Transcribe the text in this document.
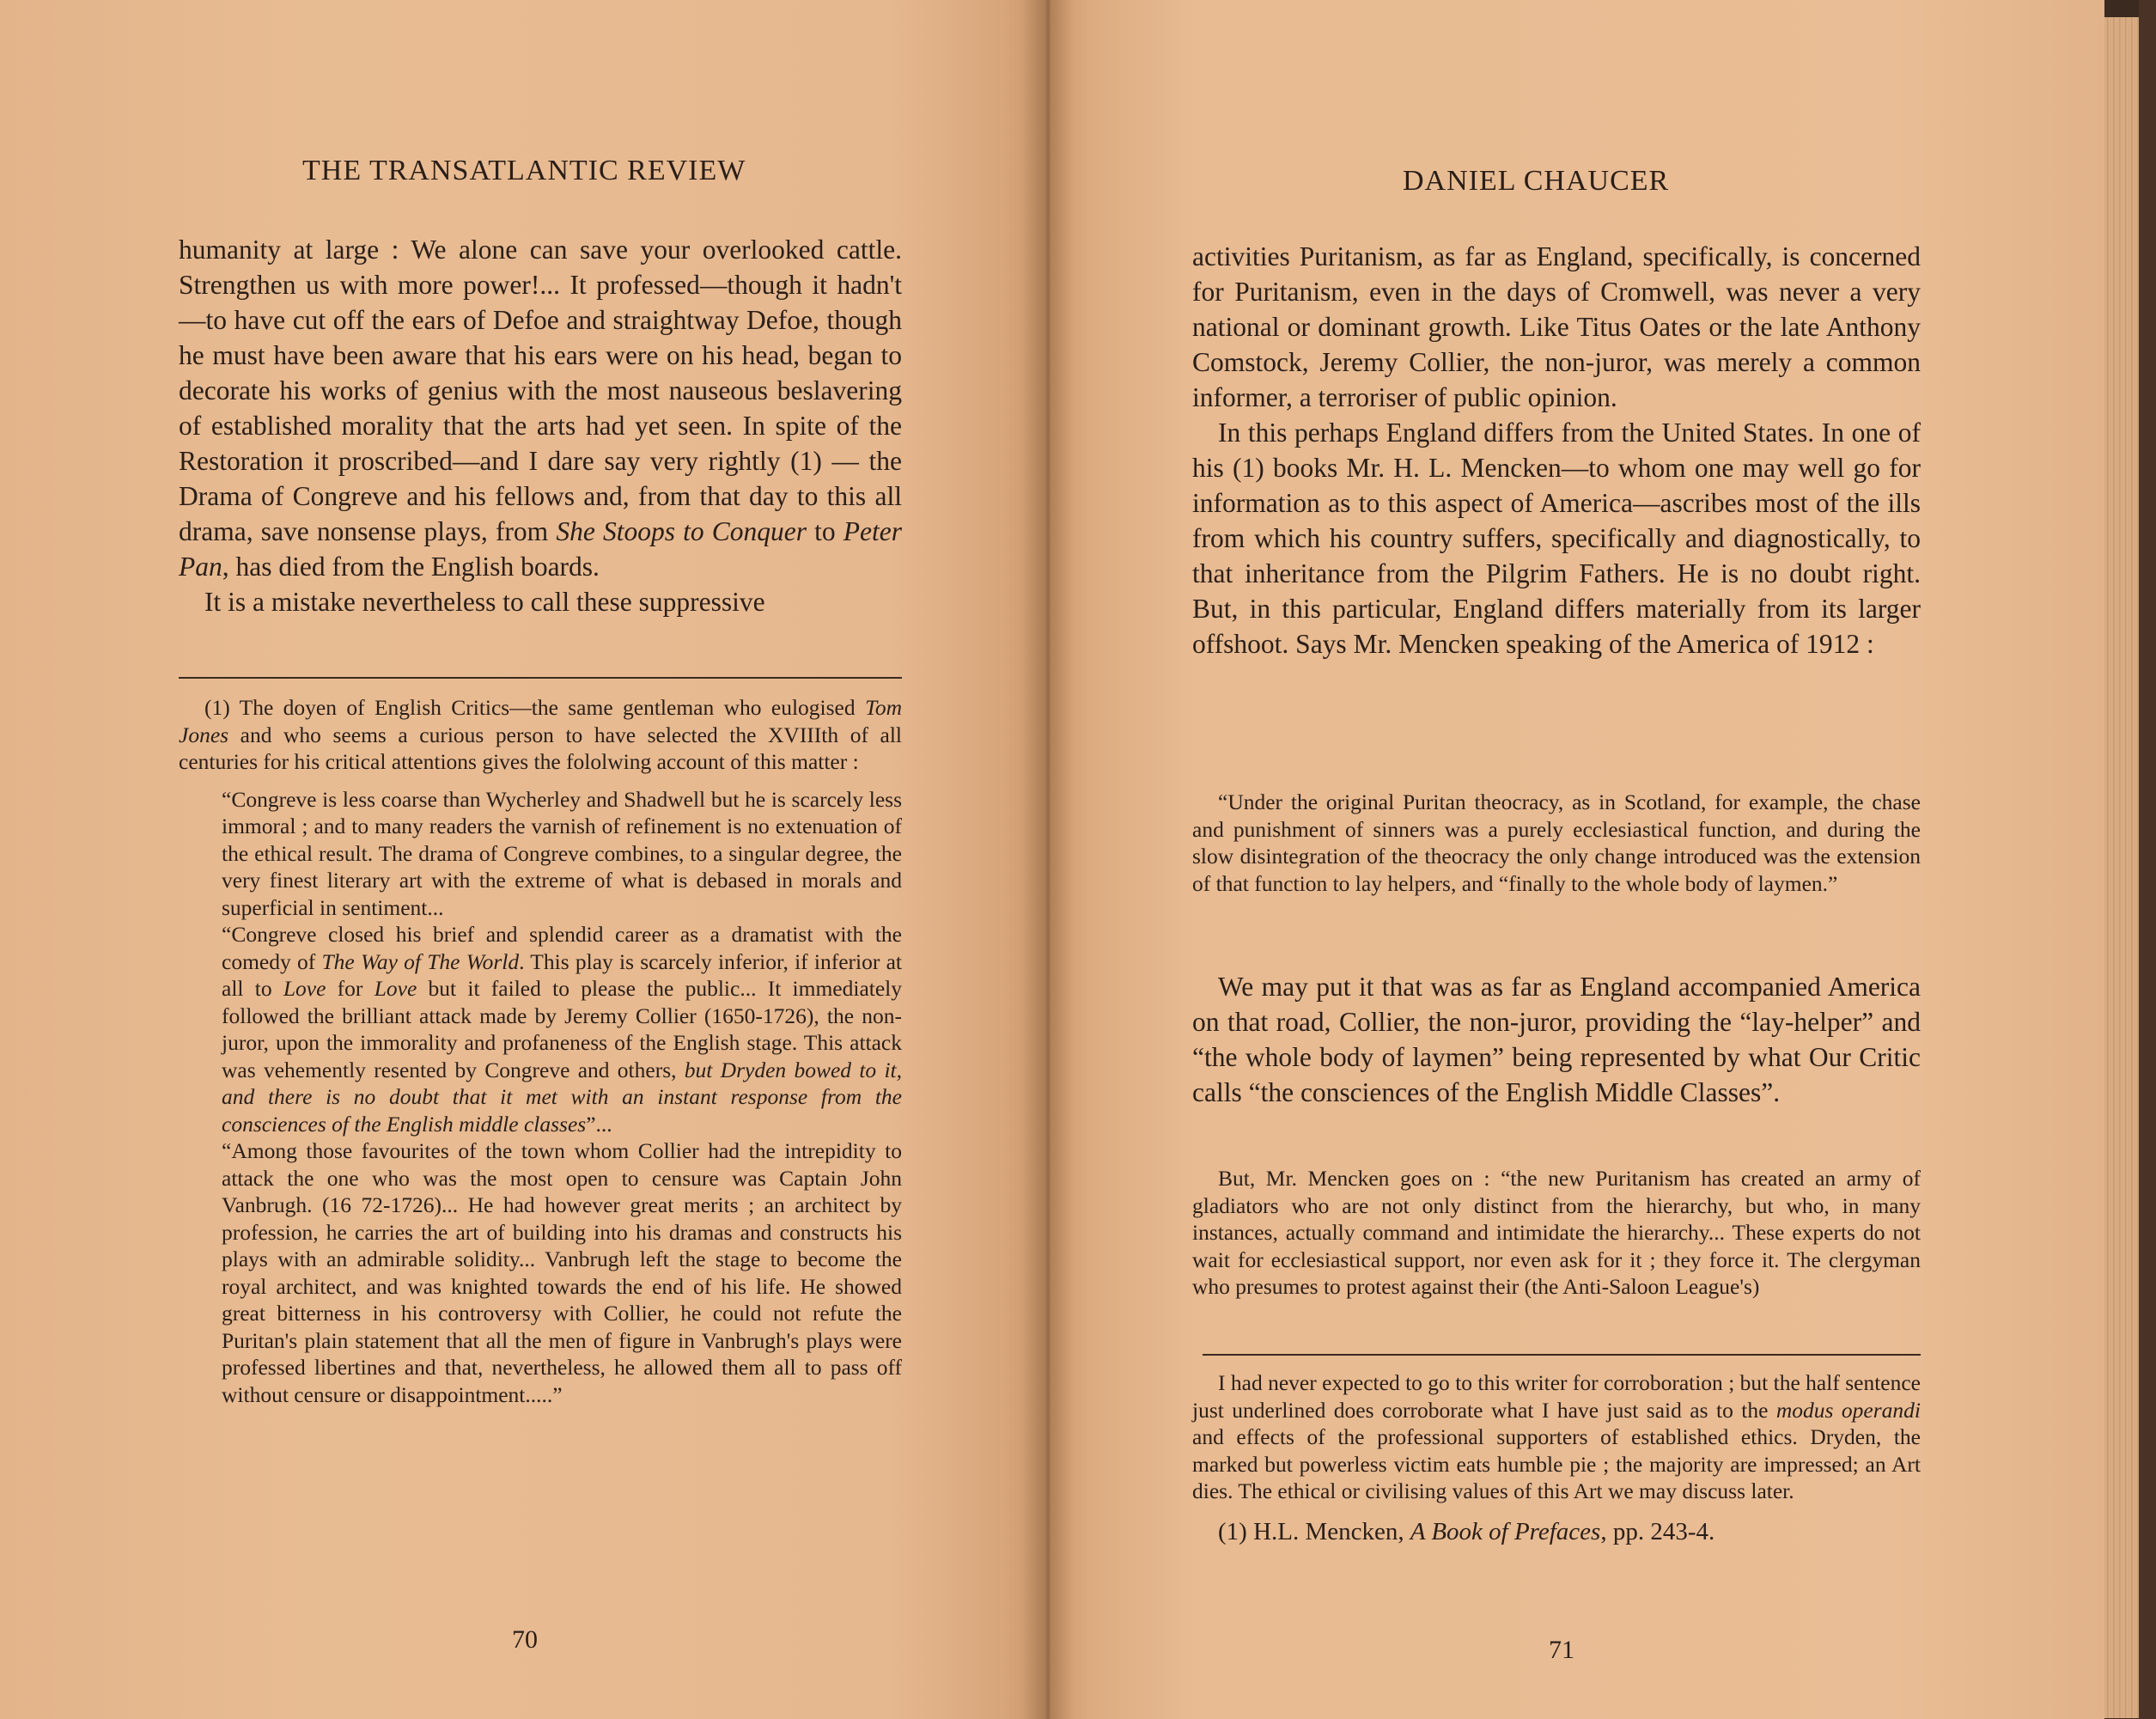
THE TRANSATLANTIC REVIEW

humanity at large : We alone can save your overlooked cattle. Strengthen us with more power!... It professed—though it hadn't—to have cut off the ears of Defoe and straightway Defoe, though he must have been aware that his ears were on his head, began to decorate his works of genius with the most nauseous beslavering of established morality that the arts had yet seen. In spite of the Restoration it proscribed—and I dare say very rightly (1) — the Drama of Congreve and his fellows and, from that day to this all drama, save nonsense plays, from She Stoops to Conquer to Peter Pan, has died from the English boards.

It is a mistake nevertheless to call these suppressive

(1) The doyen of English Critics—the same gentleman who eulogised Tom Jones and who seems a curious person to have selected the XVIIIth of all centuries for his critical attentions gives the fololwing account of this matter :

“Congreve is less coarse than Wycherley and Shadwell but he is scarcely less immoral ; and to many readers the varnish of refinement is no extenuation of the ethical result. The drama of Congreve combines, to a singular degree, the very finest literary art with the extreme of what is debased in morals and superficial in sentiment...

“Congreve closed his brief and splendid career as a dramatist with the comedy of The Way of The World. This play is scarcely inferior, if inferior at all to Love for Love but it failed to please the public... It immediately followed the brilliant attack made by Jeremy Collier (1650-1726), the non-juror, upon the immorality and profaneness of the English stage. This attack was vehemently resented by Congreve and others, but Dryden bowed to it, and there is no doubt that it met with an instant response from the consciences of the English middle classes”...

“Among those favourites of the town whom Collier had the intrepidity to attack the one who was the most open to censure was Captain John Vanbrugh. (16 72-1726)... He had however great merits ; an architect by profession, he carries the art of building into his dramas and constructs his plays with an admirable solidity... Vanbrugh left the stage to become the royal architect, and was knighted towards the end of his life. He showed great bitterness in his controversy with Collier, he could not refute the Puritan's plain statement that all the men of figure in Vanbrugh's plays were professed libertines and that, nevertheless, he allowed them all to pass off without censure or disappointment.....”

70
DANIEL CHAUCER

activities Puritanism, as far as England, specifically, is concerned for Puritanism, even in the days of Cromwell, was never a very national or dominant growth. Like Titus Oates or the late Anthony Comstock, Jeremy Collier, the non-juror, was merely a common informer, a terroriser of public opinion.

In this perhaps England differs from the United States. In one of his (1) books Mr. H. L. Mencken—to whom one may well go for information as to this aspect of America—ascribes most of the ills from which his country suffers, specifically and diagnostically, to that inheritance from the Pilgrim Fathers. He is no doubt right. But, in this particular, England differs materially from its larger offshoot. Says Mr. Mencken speaking of the America of 1912 :

“Under the original Puritan theocracy, as in Scotland, for example, the chase and punishment of sinners was a purely ecclesiastical function, and during the slow disintegration of the theocracy the only change introduced was the extension of that function to lay helpers, and “finally to the whole body of laymen.”

We may put it that was as far as England accompanied America on that road, Collier, the non-juror, providing the “lay-helper” and “the whole body of laymen” being represented by what Our Critic calls “the consciences of the English Middle Classes”.

But, Mr. Mencken goes on : “the new Puritanism has created an army of gladiators who are not only distinct from the hierarchy, but who, in many instances, actually command and intimidate the hierarchy... These experts do not wait for ecclesiastical support, nor even ask for it ; they force it. The clergyman who presumes to protest against their (the Anti-Saloon League's)

I had never expected to go to this writer for corroboration ; but the half sentence just underlined does corroborate what I have just said as to the modus operandi and effects of the professional supporters of established ethics. Dryden, the marked but powerless victim eats humble pie ; the majority are impressed; an Art dies. The ethical or civilising values of this Art we may discuss later.

(1) H.L. Mencken, A Book of Prefaces, pp. 243-4.

71
